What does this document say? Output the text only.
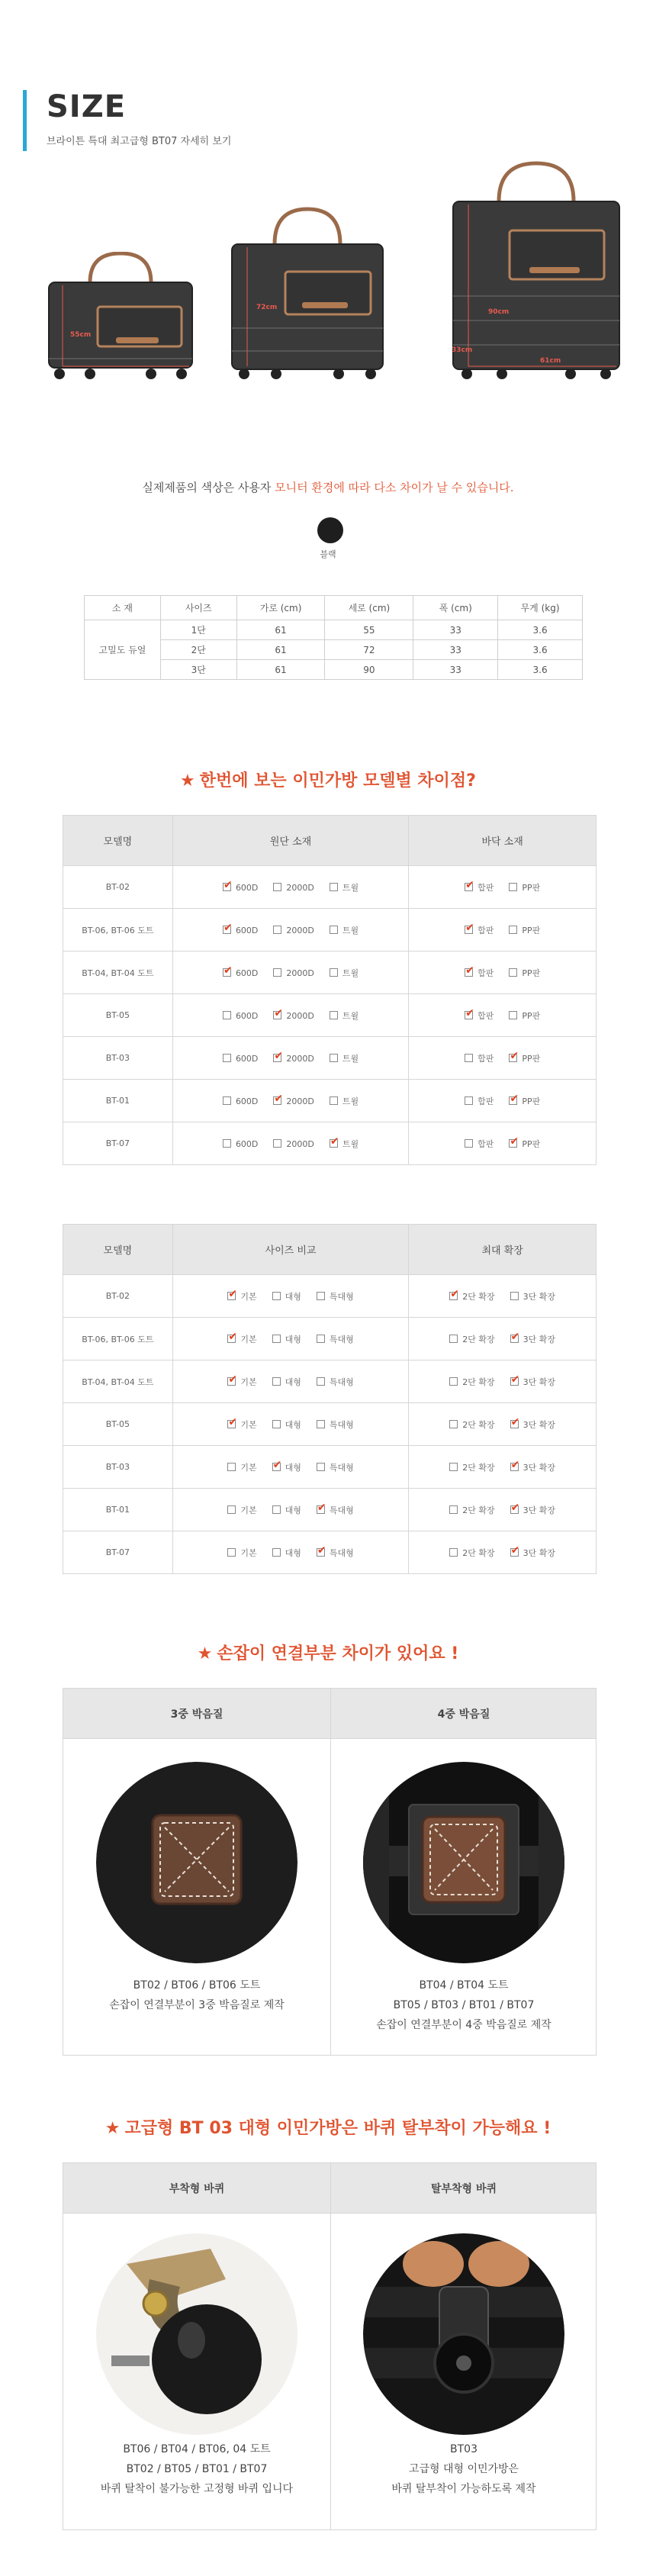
SIZE
브라이튼 특대 최고급형 BT07 자세히 보기
55cm
72cm
90cm
33cm
61cm
실제제품의 색상은 사용자 모니터 환경에 따라 다소 차이가 날 수 있습니다.
블랙
소 재	사이즈	가로 (cm)	세로 (cm)	폭 (cm)	무게 (kg)
고밀도 듀얼	1단	61	55	33	3.6
	2단	61	72	33	3.6
	3단	61	90	33	3.6
★ 한번에 보는 이민가방 모델별 차이점?
모델명	원단 소재	바닥 소재
BT-02	✔600D 2000D 트윌	✔합판 PP판
BT-06, BT-06 도트	✔600D 2000D 트윌	✔합판 PP판
BT-04, BT-04 도트	✔600D 2000D 트윌	✔합판 PP판
BT-05	600D ✔ 2000D 트윌	✔합판 PP판
BT-03	600D ✔ 2000D 트윌	합판 ✔ PP판
BT-01	600D ✔ 2000D 트윌	합판 ✔ PP판
BT-07	600D 2000D ✔ 트윌	합판 ✔ PP판
모델명	사이즈 비교	최대 확장
BT-02	✔기본 대형 특대형	✔2단 확장 3단 확장
BT-06, BT-06 도트	✔기본 대형 특대형	2단 확장 ✔ 3단 확장
BT-04, BT-04 도트	✔기본 대형 특대형	2단 확장 ✔ 3단 확장
BT-05	✔기본 대형 특대형	2단 확장 ✔ 3단 확장
BT-03	기본 ✔ 대형 특대형	2단 확장 ✔ 3단 확장
BT-01	기본 대형 ✔ 특대형	2단 확장 ✔ 3단 확장
BT-07	기본 대형 ✔ 특대형	2단 확장 ✔ 3단 확장
★ 손잡이 연결부분 차이가 있어요 !
3중 박음질	4중 박음질
BT02 / BT06 / BT06 도트
손잡이 연결부분이 3중 박음질로 제작
BT04 / BT04 도트
BT05 / BT03 / BT01 / BT07
손잡이 연결부분이 4중 박음질로 제작
★ 고급형 BT 03 대형 이민가방은 바퀴 탈부착이 가능해요 !
부착형 바퀴	탈부착형 바퀴
BT06 / BT04 / BT06, 04 도트
BT02 / BT05 / BT01 / BT07
바퀴 탈착이 불가능한 고정형 바퀴 입니다
BT03
고급형 대형 이민가방은
바퀴 탈부착이 가능하도록 제작
